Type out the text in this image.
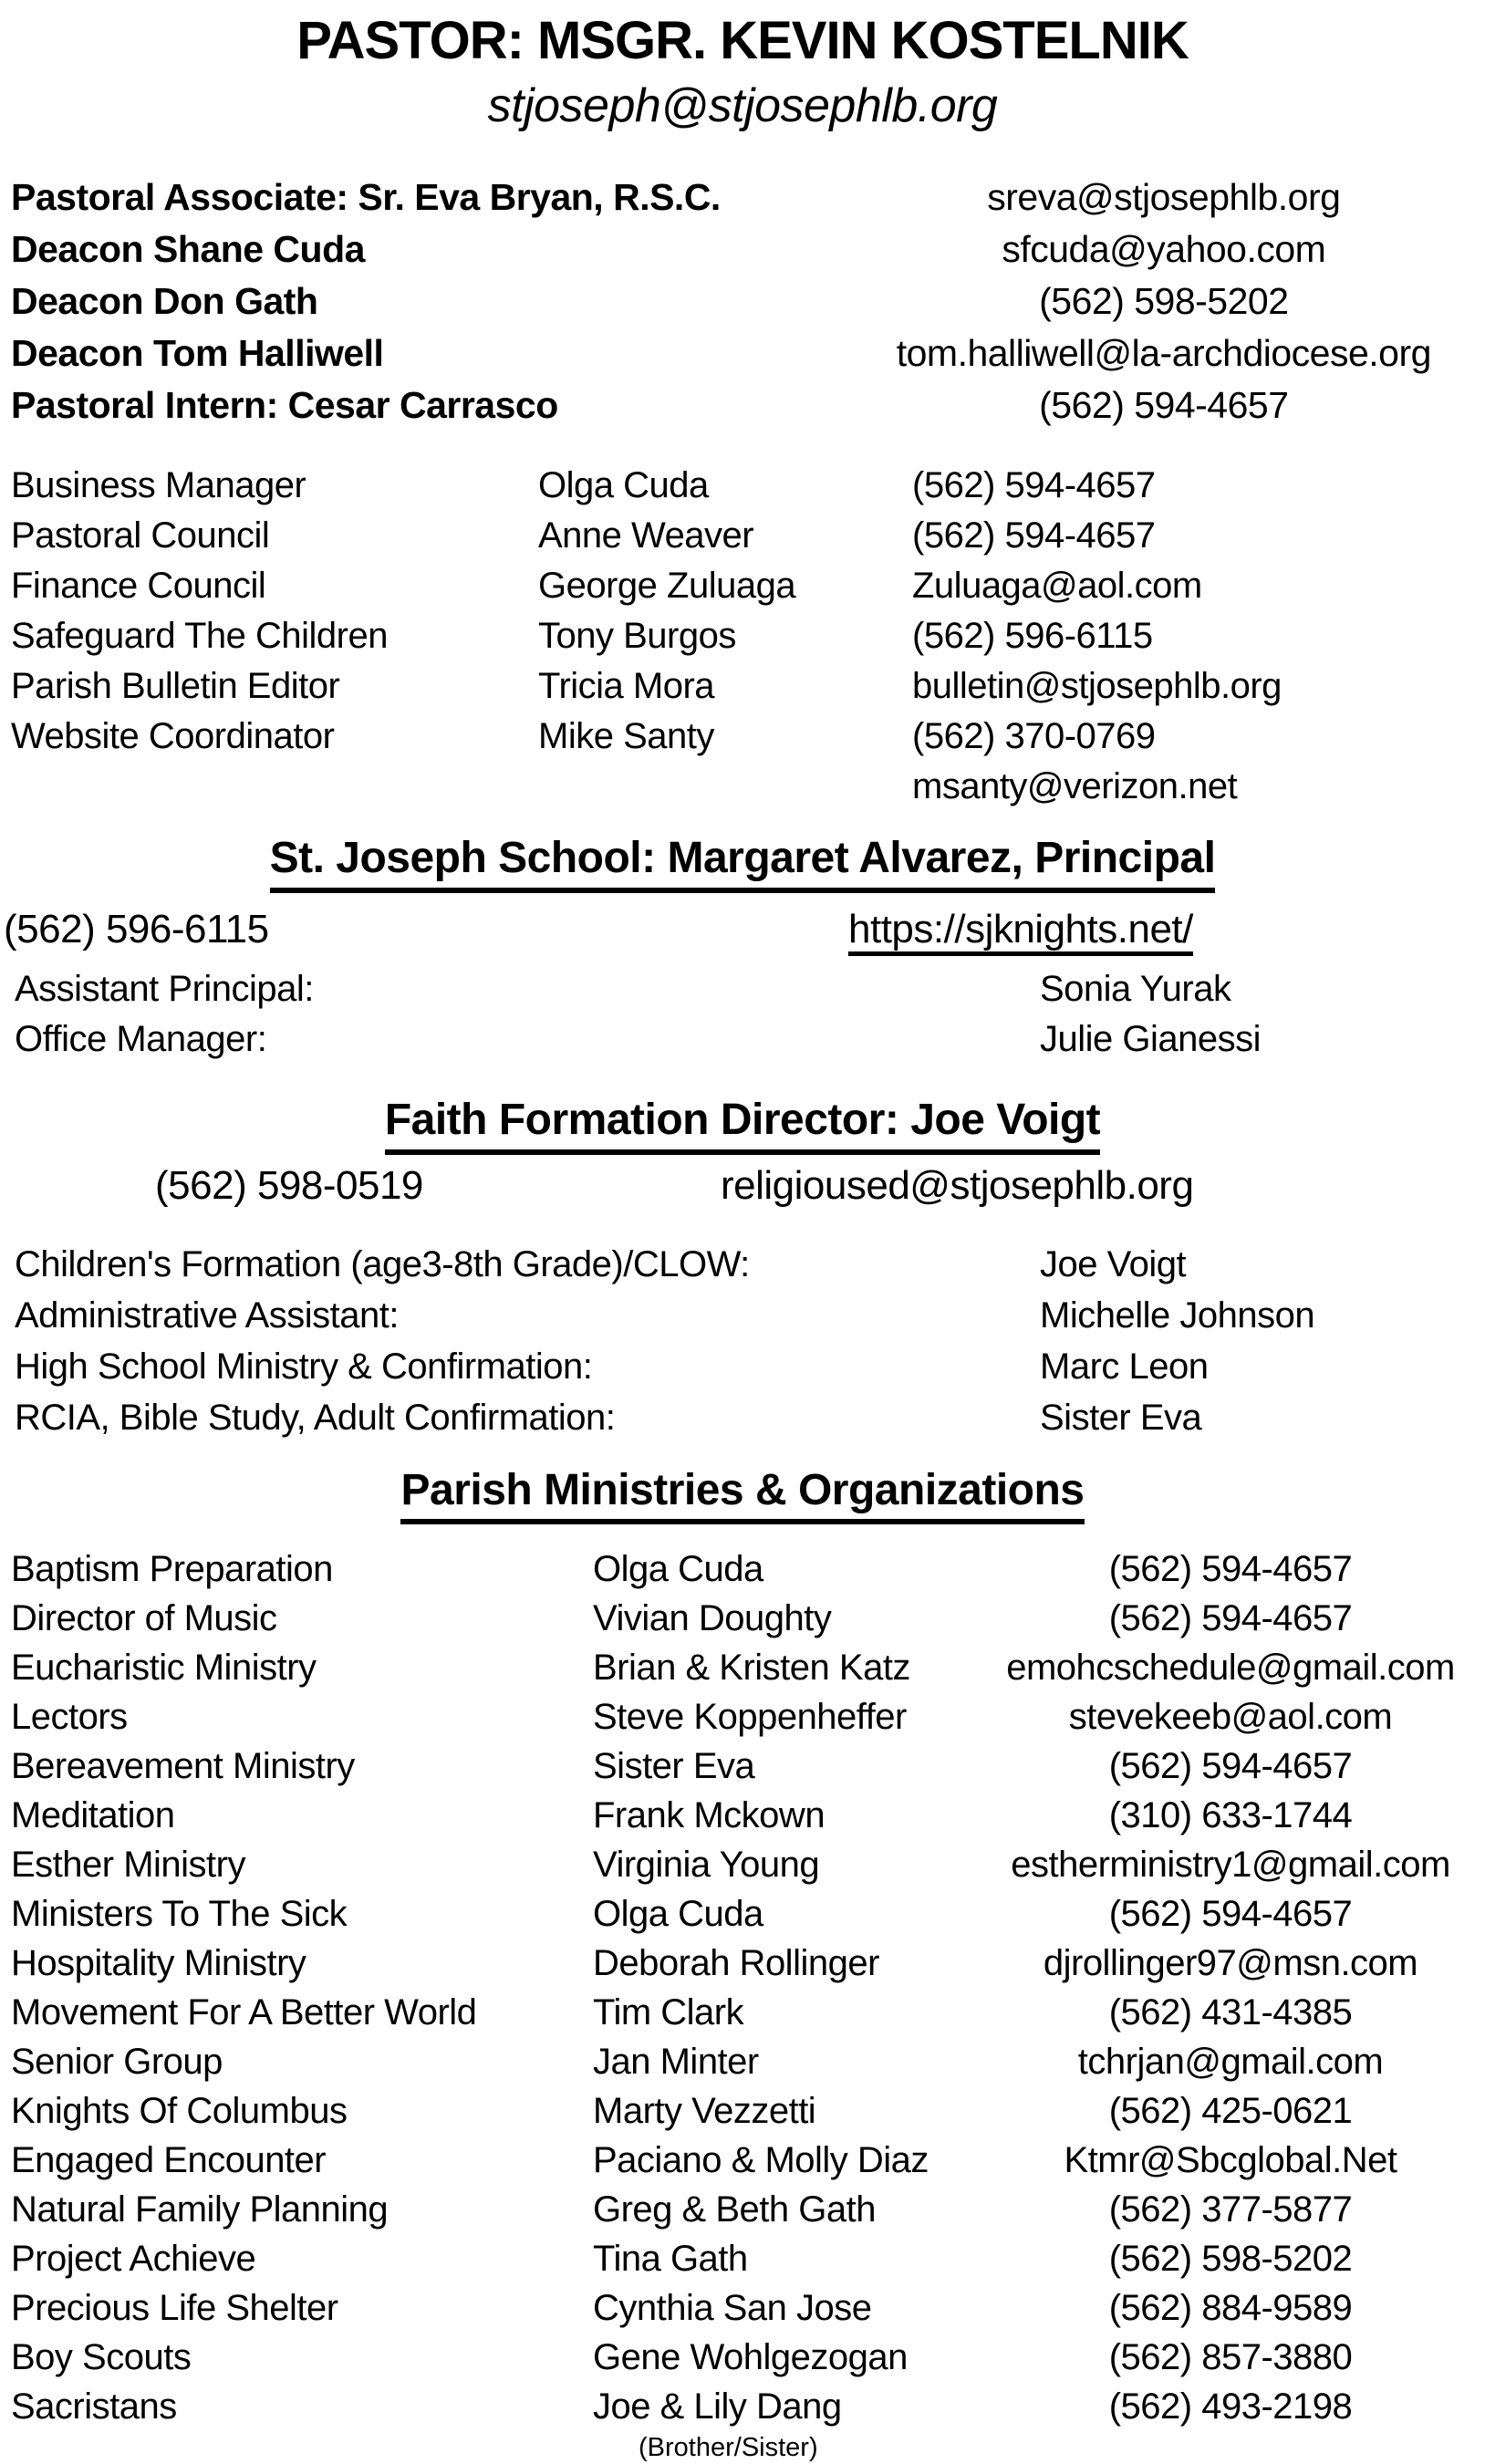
PASTOR: MSGR. KEVIN KOSTELNIK
stjoseph@stjosephlb.org
Pastoral Associate: Sr. Eva Bryan, R.S.C.	sreva@stjosephlb.org
Deacon Shane Cuda	sfcuda@yahoo.com
Deacon Don Gath	(562) 598-5202
Deacon Tom Halliwell	tom.halliwell@la-archdiocese.org
Pastoral Intern: Cesar Carrasco	(562) 594-4657
Business Manager	Olga Cuda	(562) 594-4657
Pastoral Council	Anne Weaver	(562) 594-4657
Finance Council	George Zuluaga	Zuluaga@aol.com
Safeguard The Children	Tony Burgos	(562) 596-6115
Parish Bulletin Editor	Tricia Mora	bulletin@stjosephlb.org
Website Coordinator	Mike Santy	(562) 370-0769
msanty@verizon.net
St. Joseph School: Margaret Alvarez, Principal
(562) 596-6115	https://sjknights.net/
Assistant Principal:	Sonia Yurak
Office Manager:	Julie Gianessi
Faith Formation Director: Joe Voigt
(562) 598-0519	religioused@stjosephlb.org
Children's Formation (age3-8th Grade)/CLOW:	Joe Voigt
Administrative Assistant:	Michelle Johnson
High School Ministry & Confirmation:	Marc Leon
RCIA, Bible Study, Adult Confirmation:	Sister Eva
Parish Ministries & Organizations
Baptism Preparation	Olga Cuda	(562) 594-4657
Director of Music	Vivian Doughty	(562) 594-4657
Eucharistic Ministry	Brian & Kristen Katz	emohcschedule@gmail.com
Lectors	Steve Koppenheffer	stevekeeb@aol.com
Bereavement Ministry	Sister Eva	(562) 594-4657
Meditation	Frank Mckown	(310) 633-1744
Esther Ministry	Virginia Young	estherministry1@gmail.com
Ministers To The Sick	Olga Cuda	(562) 594-4657
Hospitality Ministry	Deborah Rollinger	djrollinger97@msn.com
Movement For A Better World	Tim Clark	(562) 431-4385
Senior Group	Jan Minter	tchrjan@gmail.com
Knights Of Columbus	Marty Vezzetti	(562) 425-0621
Engaged Encounter	Paciano & Molly Diaz	Ktmr@Sbcglobal.Net
Natural Family Planning	Greg & Beth Gath	(562) 377-5877
Project Achieve	Tina Gath	(562) 598-5202
Precious Life Shelter	Cynthia San Jose	(562) 884-9589
Boy Scouts	Gene Wohlgezogan	(562) 857-3880
Sacristans	Joe & Lily Dang	(562) 493-2198
(Brother/Sister)
